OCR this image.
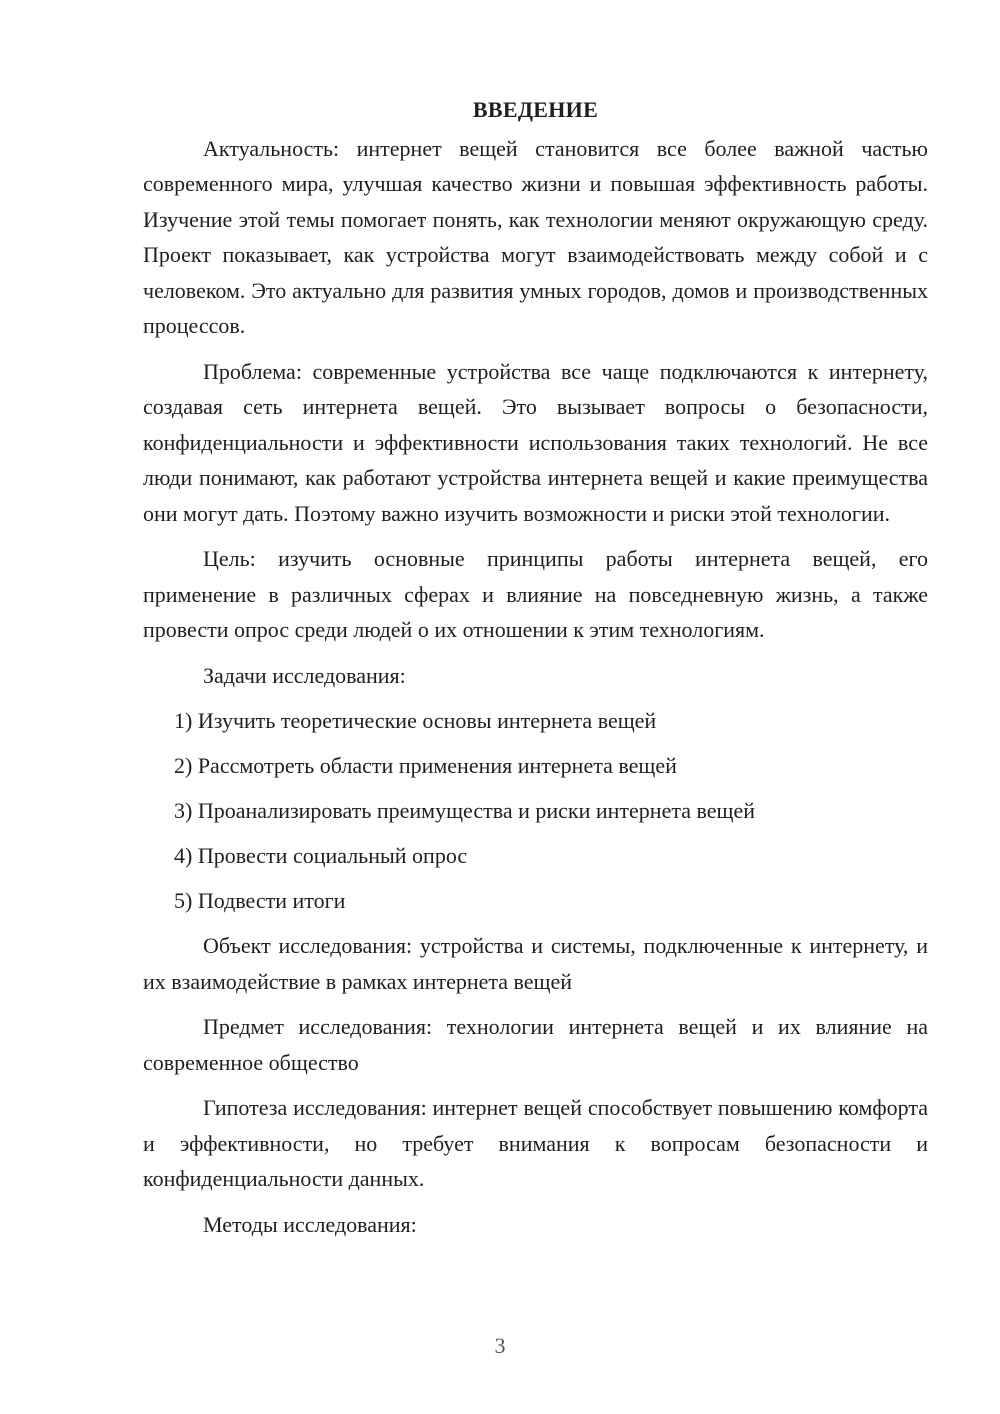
ВВЕДЕНИЕ

Актуальность: интернет вещей становится все более важной частью современного мира, улучшая качество жизни и повышая эффективность работы. Изучение этой темы помогает понять, как технологии меняют окружающую среду. Проект показывает, как устройства могут взаимодействовать между собой и с человеком. Это актуально для развития умных городов, домов и производственных процессов.

Проблема: современные устройства все чаще подключаются к интернету, создавая сеть интернета вещей. Это вызывает вопросы о безопасности, конфиденциальности и эффективности использования таких технологий. Не все люди понимают, как работают устройства интернета вещей и какие преимущества они могут дать. Поэтому важно изучить возможности и риски этой технологии.

Цель: изучить основные принципы работы интернета вещей, его применение в различных сферах и влияние на повседневную жизнь, а также провести опрос среди людей о их отношении к этим технологиям.

Задачи исследования:

1) Изучить теоретические основы интернета вещей
2) Рассмотреть области применения интернета вещей
3) Проанализировать преимущества и риски интернета вещей
4) Провести социальный опрос
5) Подвести итоги

Объект исследования: устройства и системы, подключенные к интернету, и их взаимодействие в рамках интернета вещей

Предмет исследования: технологии интернета вещей и их влияние на современное общество

Гипотеза исследования: интернет вещей способствует повышению комфорта и эффективности, но требует внимания к вопросам безопасности и конфиденциальности данных.

Методы исследования:

3
